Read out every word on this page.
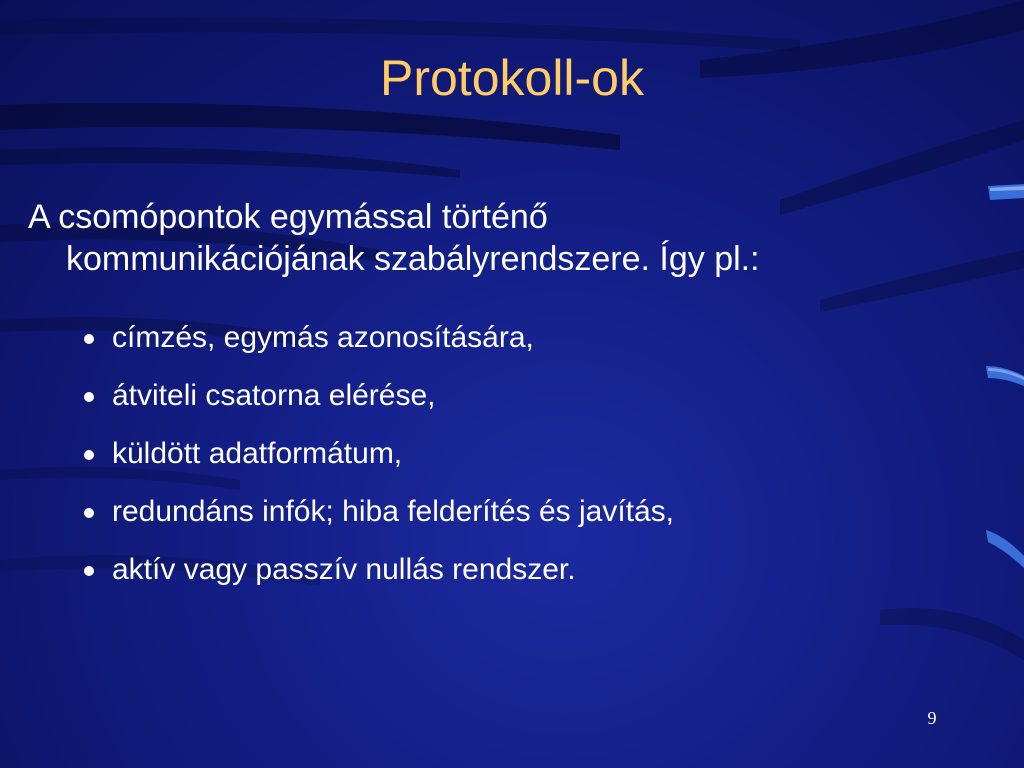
Protokoll-ok
A csomópontok egymással történő
kommunikációjának szabályrendszere. Így pl.:
címzés, egymás azonosítására,
átviteli csatorna elérése,
küldött adatformátum,
redundáns infók; hiba felderítés és javítás,
aktív vagy passzív nullás rendszer.
9
